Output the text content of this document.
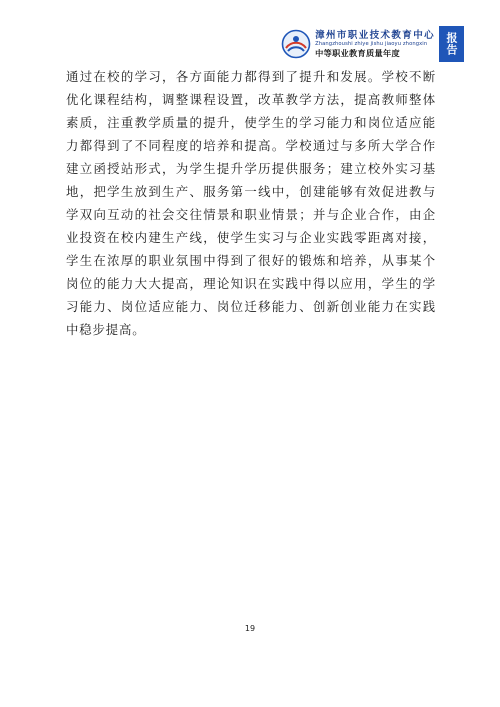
漳州市职业技术教育中心
Zhangzhoushi zhiye jishu jiaoyu zhongxin
中等职业教育质量年度	报告

通过在校的学习，各方面能力都得到了提升和发展。学校不断优化课程结构，调整课程设置，改革教学方法，提高教师整体素质，注重教学质量的提升，使学生的学习能力和岗位适应能力都得到了不同程度的培养和提高。学校通过与多所大学合作建立函授站形式，为学生提升学历提供服务；建立校外实习基地，把学生放到生产、服务第一线中，创建能够有效促进教与学双向互动的社会交往情景和职业情景；并与企业合作，由企业投资在校内建生产线，使学生实习与企业实践零距离对接，学生在浓厚的职业氛围中得到了很好的锻炼和培养，从事某个岗位的能力大大提高，理论知识在实践中得以应用，学生的学习能力、岗位适应能力、岗位迁移能力、创新创业能力在实践中稳步提高。

19
